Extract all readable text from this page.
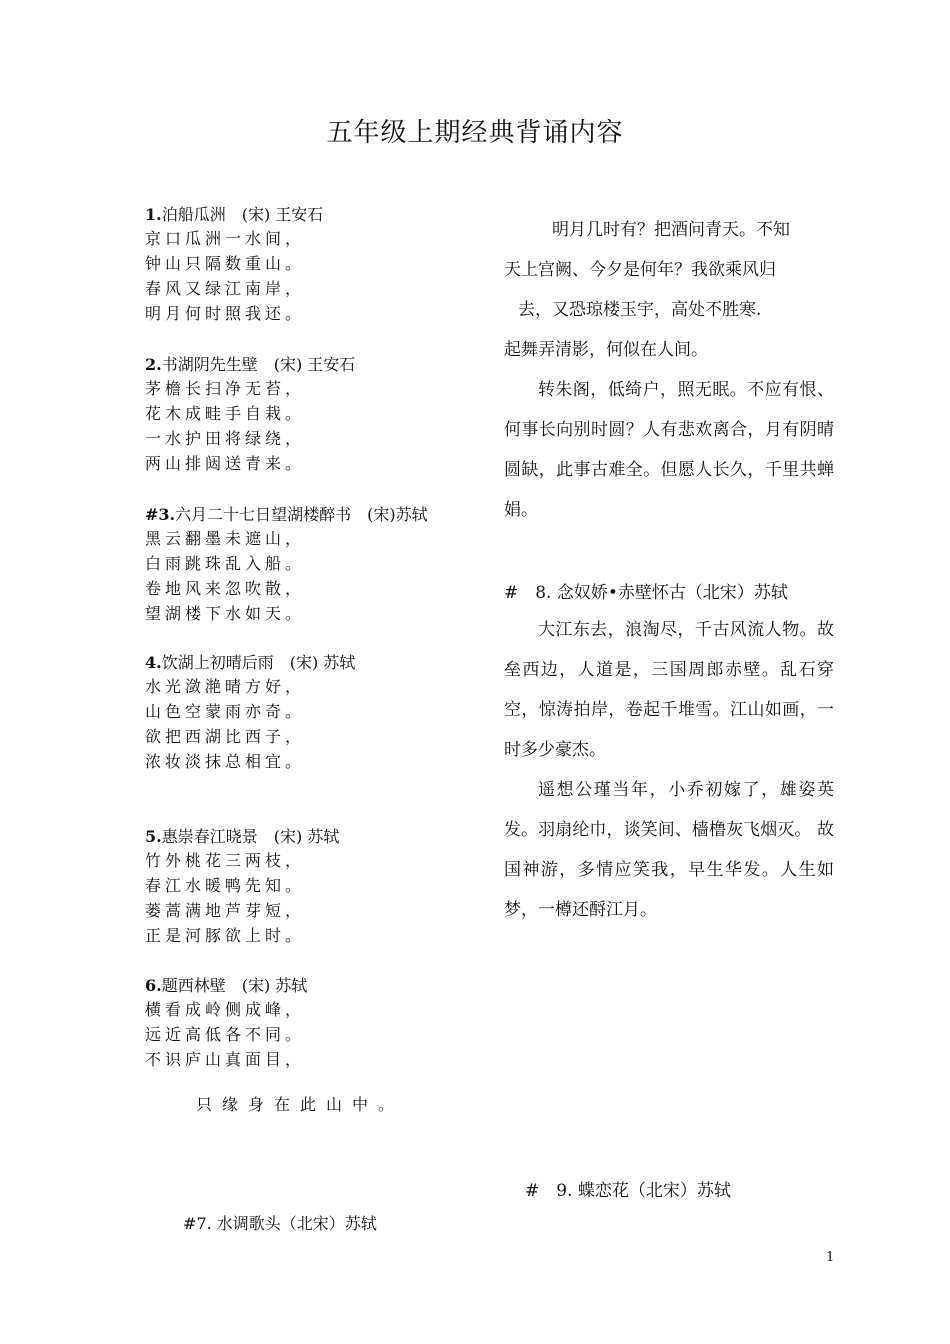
五年级上期经典背诵内容
1.泊船瓜洲　(宋) 王安石
京口瓜洲一水间，
钟山只隔数重山。
春风又绿江南岸，
明月何时照我还。
2.书湖阴先生壁　(宋) 王安石
茅檐长扫净无苔，
花木成畦手自栽。
一水护田将绿绕，
两山排闼送青来。
#3.六月二十七日望湖楼醉书　(宋)苏轼
黑云翻墨未遮山，
白雨跳珠乱入船。
卷地风来忽吹散，
望湖楼下水如天。
4.饮湖上初晴后雨　(宋) 苏轼
水光潋滟晴方好，
山色空蒙雨亦奇。
欲把西湖比西子，
浓妆淡抹总相宜。
5.惠崇春江晓景　(宋) 苏轼
竹外桃花三两枝，
春江水暖鸭先知。
蒌蒿满地芦芽短，
正是河豚欲上时。
6.题西林壁　(宋) 苏轼
横看成岭侧成峰，
远近高低各不同。
不识庐山真面目，
只缘身在此山中。
#7. 水调歌头（北宋）苏轼
明月几时有？把酒问青天。不知
天上宫阙、今夕是何年？我欲乘风归
去，又恐琼楼玉宇，高处不胜寒.
起舞弄清影，何似在人间。

转朱阁，低绮户，照无眠。不应有恨、何事长向别时圆？人有悲欢离合，月有阴晴圆缺，此事古难全。但愿人长久，千里共蝉娟。

#　8. 念奴娇•赤壁怀古（北宋）苏轼

大江东去，浪淘尽，千古风流人物。故垒西边，人道是，三国周郎赤壁。乱石穿空，惊涛拍岸，卷起千堆雪。江山如画，一时多少豪杰。

遥想公瑾当年，小乔初嫁了，雄姿英发。羽扇纶巾，谈笑间、樯橹灰飞烟灭。 故国神游，多情应笑我，早生华发。人生如梦，一樽还酹江月。

#　9. 蝶恋花（北宋）苏轼
1
